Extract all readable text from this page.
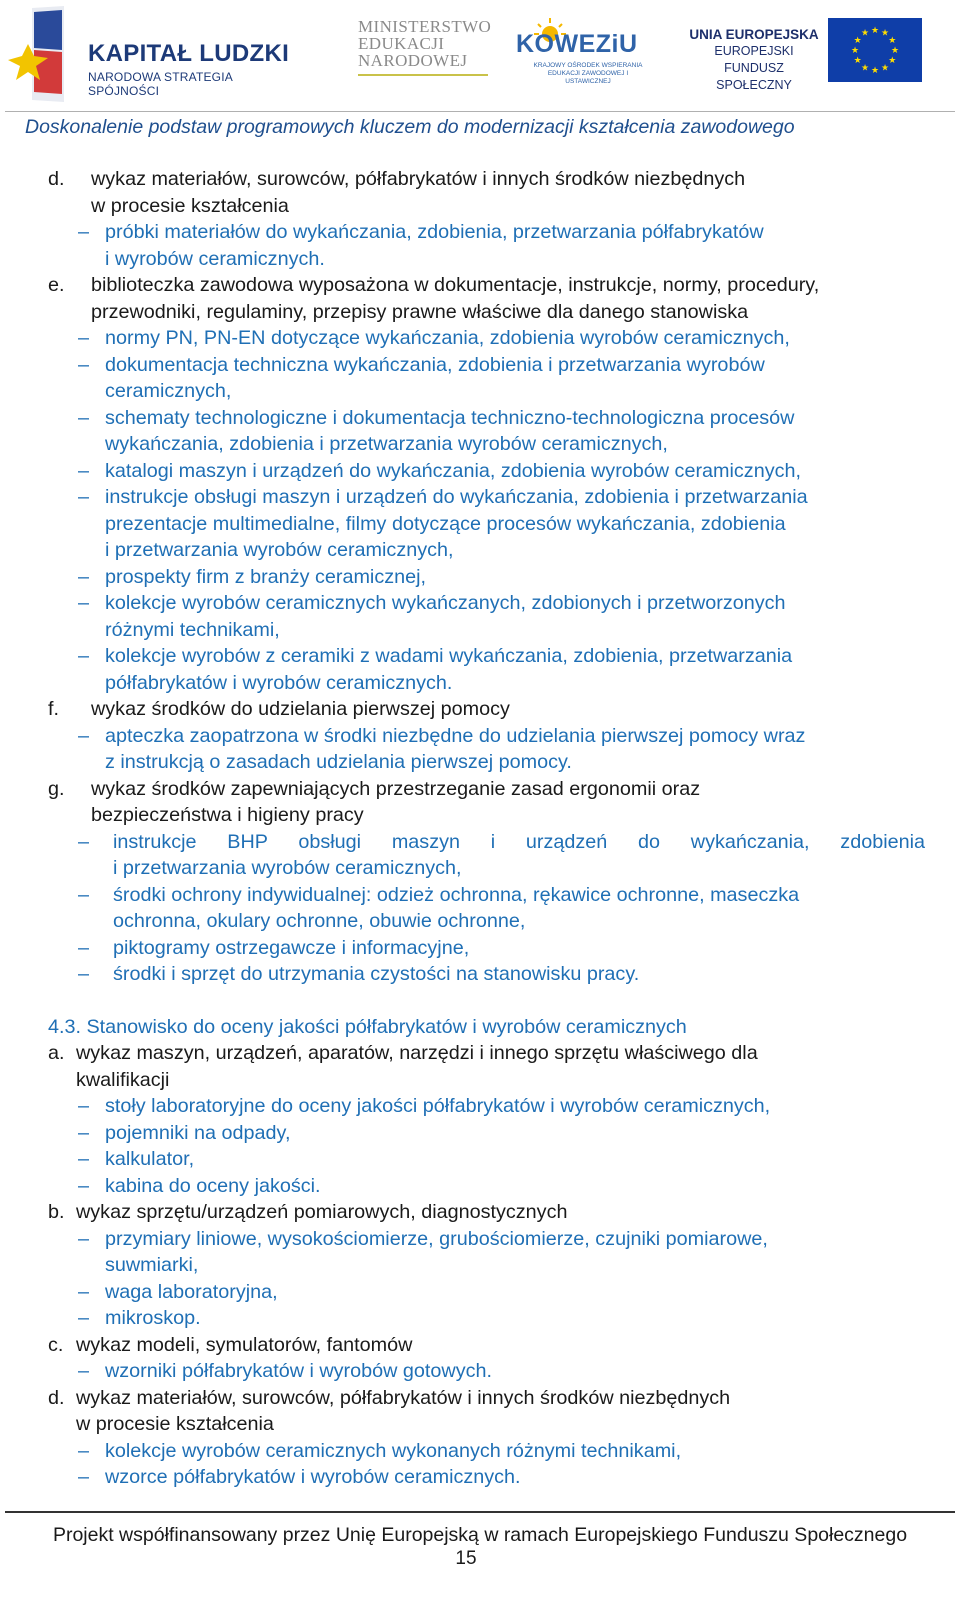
KAPITAŁ LUDZKI
NARODOWA STRATEGIA SPÓJNOŚCI
MINISTERSTWO
EDUKACJI
NARODOWEJ
KOWEZiU
KRAJOWY OŚRODEK WSPIERANIA EDUKACJI ZAWODOWEJ I USTAWICZNEJ
UNIA EUROPEJSKA
EUROPEJSKI
FUNDUSZ SPOŁECZNY
★ ★
★
★
★
★
★
★
★
★
★
★
Doskonalenie podstaw programowych kluczem do modernizacji kształcenia zawodowego
d. wykaz materiałów, surowców, półfabrykatów i innych środków niezbędnych

w procesie kształcenia

– próbki materiałów do wykańczania, zdobienia, przetwarzania półfabrykatów

i wyrobów ceramicznych.

e. biblioteczka zawodowa wyposażona w dokumentacje, instrukcje, normy, procedury,

przewodniki, regulaminy, przepisy prawne właściwe dla danego stanowiska

– normy PN, PN-EN dotyczące wykańczania, zdobienia wyrobów ceramicznych,

– dokumentacja techniczna wykańczania, zdobienia i przetwarzania wyrobów

ceramicznych,

– schematy technologiczne i dokumentacja techniczno-technologiczna procesów

wykańczania, zdobienia i przetwarzania wyrobów ceramicznych,

– katalogi maszyn i urządzeń do wykańczania, zdobienia wyrobów ceramicznych,

– instrukcje obsługi maszyn i urządzeń do wykańczania, zdobienia i przetwarzania

prezentacje multimedialne, filmy dotyczące procesów wykańczania, zdobienia

i przetwarzania wyrobów ceramicznych,

– prospekty firm z branży ceramicznej,

– kolekcje wyrobów ceramicznych wykańczanych, zdobionych i przetworzonych

różnymi technikami,

– kolekcje wyrobów z ceramiki z wadami wykańczania, zdobienia, przetwarzania

półfabrykatów i wyrobów ceramicznych.

f. wykaz środków do udzielania pierwszej pomocy

– apteczka zaopatrzona w środki niezbędne do udzielania pierwszej pomocy wraz

z instrukcją o zasadach udzielania pierwszej pomocy.

g. wykaz środków zapewniających przestrzeganie zasad ergonomii oraz

bezpieczeństwa i higieny pracy

– instrukcje BHP obsługi maszyn i urządzeń do wykańczania, zdobienia

i przetwarzania wyrobów ceramicznych,

– środki ochrony indywidualnej: odzież ochronna, rękawice ochronne, maseczka

ochronna, okulary ochronne, obuwie ochronne,

– piktogramy ostrzegawcze i informacyjne,

– środki i sprzęt do utrzymania czystości na stanowisku pracy.

4.3. Stanowisko do oceny jakości półfabrykatów i wyrobów ceramicznych

a. wykaz maszyn, urządzeń, aparatów, narzędzi i innego sprzętu właściwego dla

kwalifikacji

– stoły laboratoryjne do oceny jakości półfabrykatów i wyrobów ceramicznych,

– pojemniki na odpady,

– kalkulator,

– kabina do oceny jakości.

b. wykaz sprzętu/urządzeń pomiarowych, diagnostycznych

– przymiary liniowe, wysokościomierze, grubościomierze, czujniki pomiarowe,

suwmiarki,

– waga laboratoryjna,

– mikroskop.

c. wykaz modeli, symulatorów, fantomów

– wzorniki półfabrykatów i wyrobów gotowych.

d. wykaz materiałów, surowców, półfabrykatów i innych środków niezbędnych

w procesie kształcenia

– kolekcje wyrobów ceramicznych wykonanych różnymi technikami,

– wzorce półfabrykatów i wyrobów ceramicznych.

Projekt współfinansowany przez Unię Europejską w ramach Europejskiego Funduszu Społecznego
15
